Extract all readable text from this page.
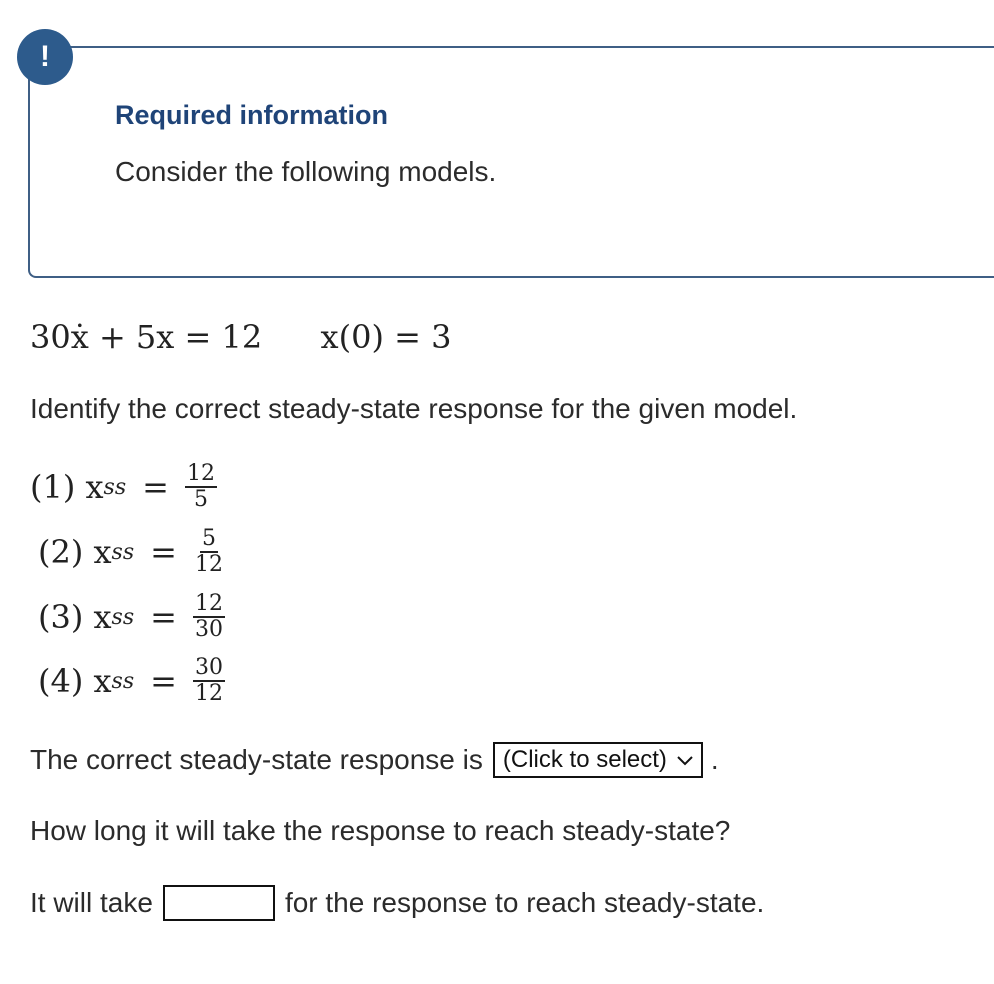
!
Required information
Consider the following models.
30ẋ + 5x = 12 x(0) = 3
Identify the correct steady-state response for the given model.
(1) x ss = $\frac{12}{5}$
(2) x ss = $\frac{5}{12}$
(3) x ss = $\frac{12}{30}$
(4) x ss = $\frac{30}{12}$
The correct steady-state response is (Click to select) .
How long it will take the response to reach steady-state?
It will take	for the response to reach steady-state.
